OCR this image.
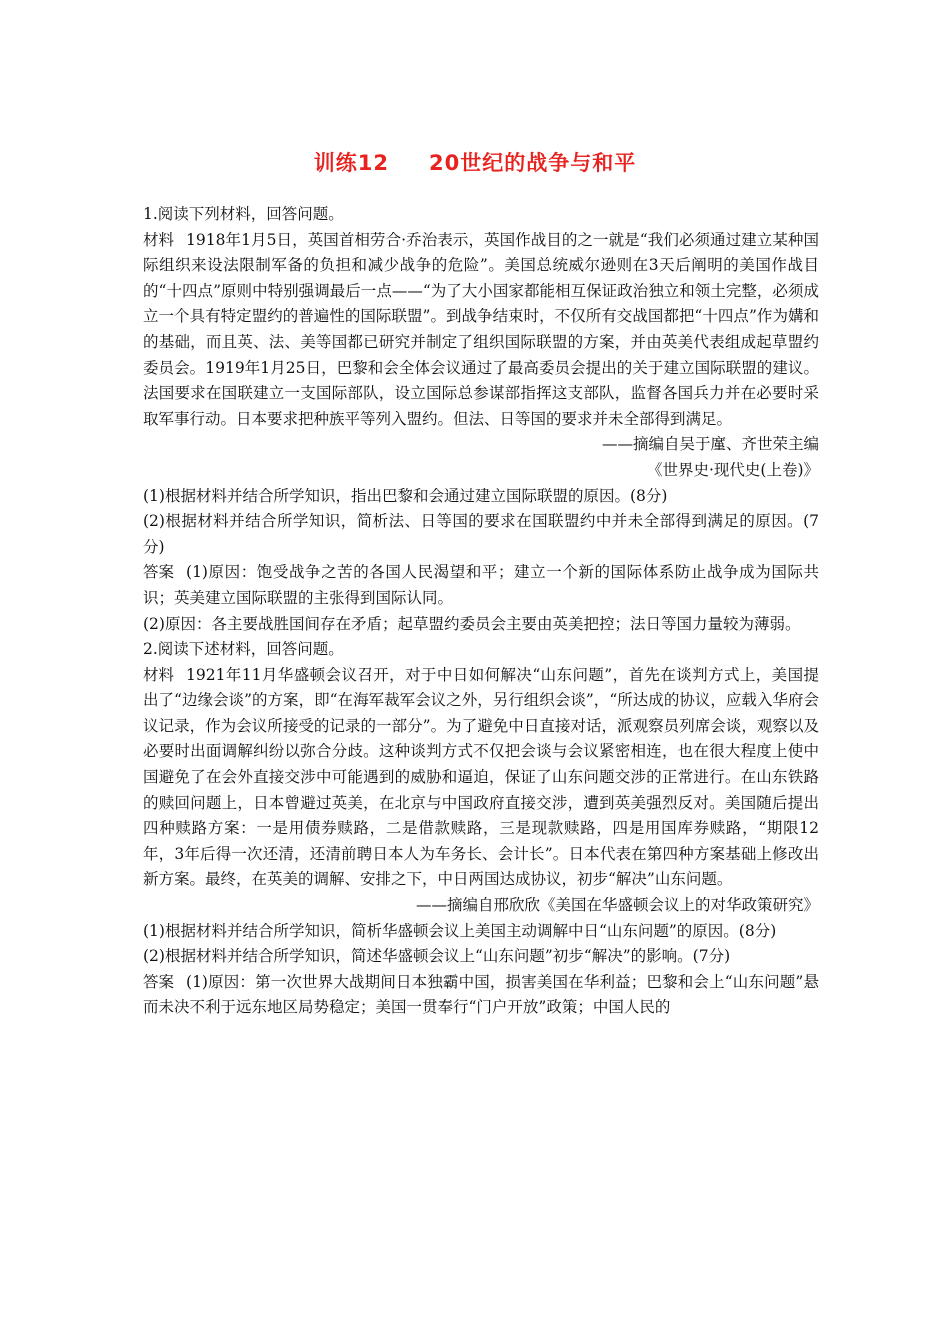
训练12 20世纪的战争与和平

1.阅读下列材料，回答问题。

材料 1918年1月5日，英国首相劳合·乔治表示，英国作战目的之一就是“我们必须通过建立某种国际组织来设法限制军备的负担和减少战争的危险”。美国总统威尔逊则在3天后阐明的美国作战目的“十四点”原则中特别强调最后一点——“为了大小国家都能相互保证政治独立和领土完整，必须成立一个具有特定盟约的普遍性的国际联盟”。到战争结束时，不仅所有交战国都把“十四点”作为媾和的基础，而且英、法、美等国都已研究并制定了组织国际联盟的方案，并由英美代表组成起草盟约委员会。1919年1月25日，巴黎和会全体会议通过了最高委员会提出的关于建立国际联盟的建议。法国要求在国联建立一支国际部队，设立国际总参谋部指挥这支部队，监督各国兵力并在必要时采取军事行动。日本要求把种族平等列入盟约。但法、日等国的要求并未全部得到满足。

——摘编自吴于廑、齐世荣主编

《世界史·现代史(上卷)》

(1)根据材料并结合所学知识，指出巴黎和会通过建立国际联盟的原因。(8分)

(2)根据材料并结合所学知识，简析法、日等国的要求在国联盟约中并未全部得到满足的原因。(7分)

答案 (1)原因：饱受战争之苦的各国人民渴望和平；建立一个新的国际体系防止战争成为国际共识；英美建立国际联盟的主张得到国际认同。

(2)原因：各主要战胜国间存在矛盾；起草盟约委员会主要由英美把控；法日等国力量较为薄弱。

2.阅读下述材料，回答问题。

材料 1921年11月华盛顿会议召开，对于中日如何解决“山东问题”，首先在谈判方式上，美国提出了“边缘会谈”的方案，即“在海军裁军会议之外，另行组织会谈”，“所达成的协议，应载入华府会议记录，作为会议所接受的记录的一部分”。为了避免中日直接对话，派观察员列席会谈，观察以及必要时出面调解纠纷以弥合分歧。这种谈判方式不仅把会谈与会议紧密相连，也在很大程度上使中国避免了在会外直接交涉中可能遇到的威胁和逼迫，保证了山东问题交涉的正常进行。在山东铁路的赎回问题上，日本曾避过英美，在北京与中国政府直接交涉，遭到英美强烈反对。美国随后提出四种赎路方案：一是用债券赎路，二是借款赎路，三是现款赎路，四是用国库券赎路，“期限12年，3年后得一次还清，还清前聘日本人为车务长、会计长”。日本代表在第四种方案基础上修改出新方案。最终，在英美的调解、安排之下，中日两国达成协议，初步“解决”山东问题。

——摘编自邢欣欣《美国在华盛顿会议上的对华政策研究》

(1)根据材料并结合所学知识，简析华盛顿会议上美国主动调解中日“山东问题”的原因。(8分)

(2)根据材料并结合所学知识，简述华盛顿会议上“山东问题”初步“解决”的影响。(7分)

答案 (1)原因：第一次世界大战期间日本独霸中国，损害美国在华利益；巴黎和会上“山东问题”悬而未决不利于远东地区局势稳定；美国一贯奉行“门户开放”政策；中国人民的
